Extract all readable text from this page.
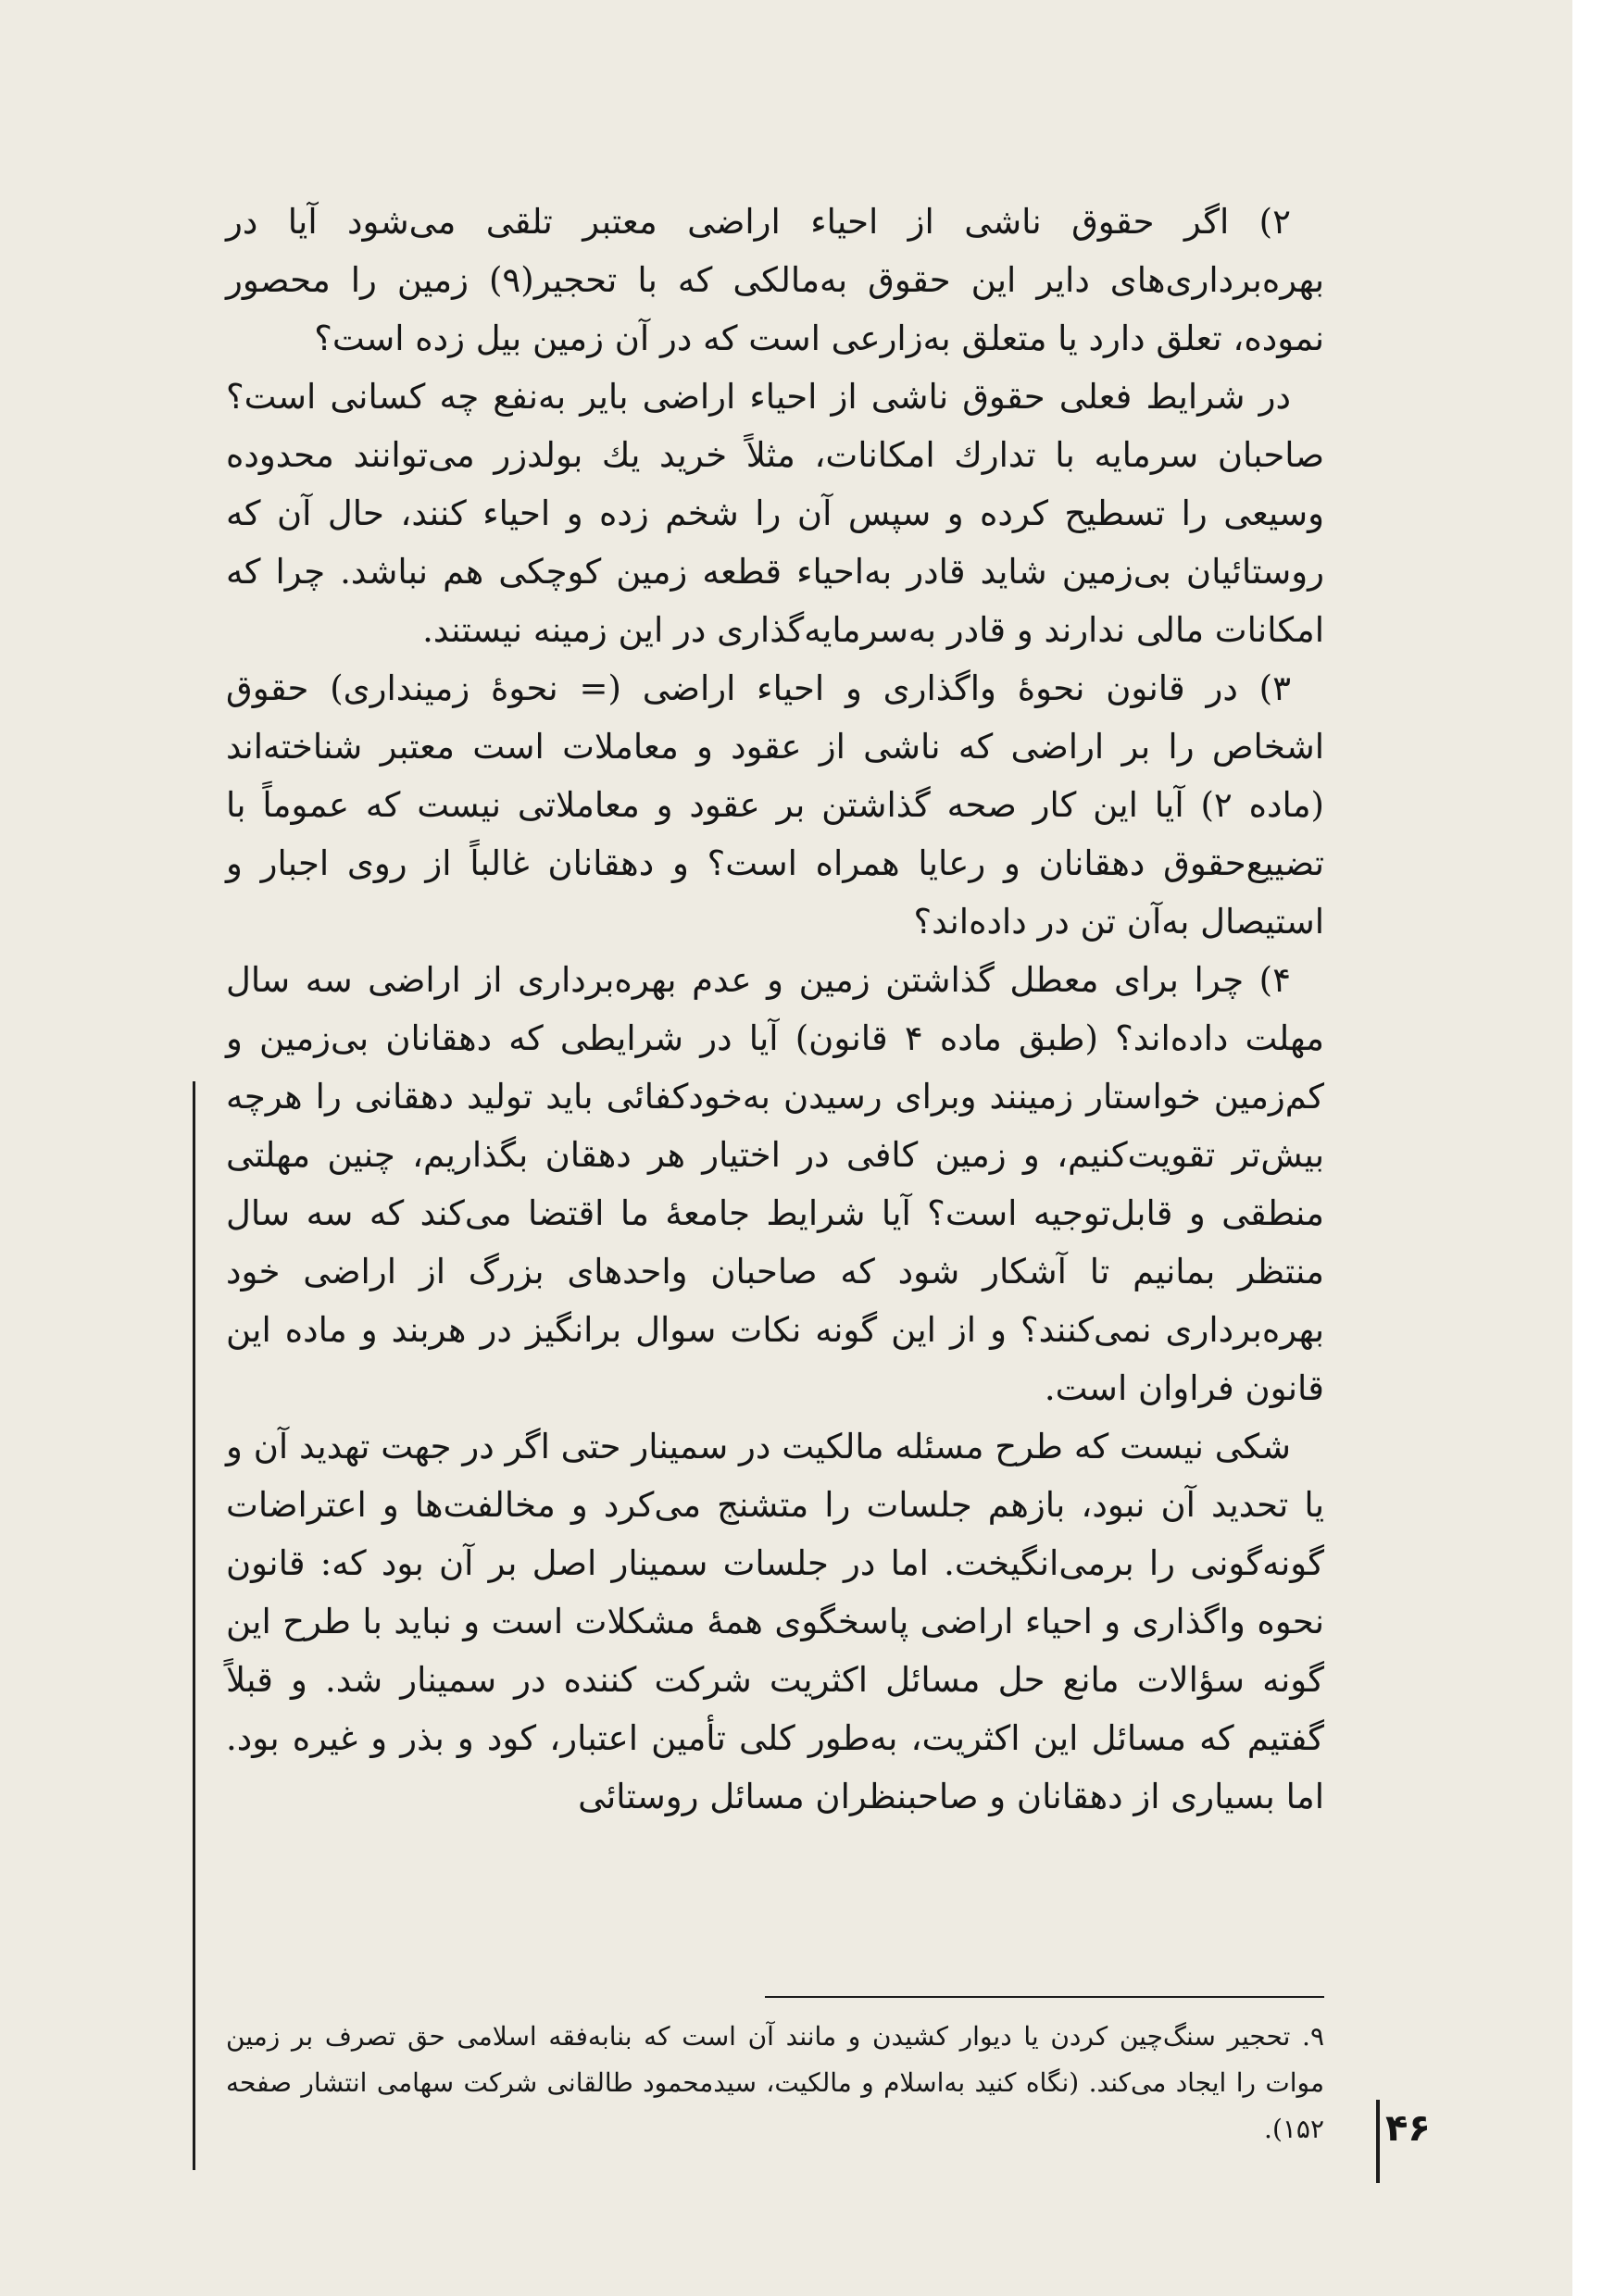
۲) اگر حقوق ناشی از احیاء اراضی معتبر تلقی می‌شود آیا در بهره‌برداری‌های دایر این حقوق به‌مالکی که با تحجیر(۹) زمین را محصور نموده، تعلق دارد یا متعلق به‌زارعی است که در آن زمین بیل زده است؟

در شرایط فعلی حقوق ناشی از احیاء اراضی بایر به‌نفع چه کسانی است؟ صاحبان سرمایه با تدارك امكانات، مثلاً خرید یك بولدزر می‌توانند محدوده وسیعی را تسطیح کرده و سپس آن را شخم زده و احیاء کنند، حال آن که روستائیان بی‌زمین شاید قادر به‌احیاء قطعه زمین کوچکی هم نباشد. چرا که امکانات مالی ندارند و قادر به‌سرمایه‌گذاری در این زمینه نیستند.

۳) در قانون نحوهٔ واگذاری و احیاء اراضی (= نحوهٔ زمینداری) حقوق اشخاص را بر اراضی که ناشی از عقود و معاملات است معتبر شناخته‌اند (ماده ۲) آیا این کار صحه گذاشتن بر عقود و معاملاتی نیست که عموماً با تضییع‌حقوق دهقانان و رعایا همراه است؟ و دهقانان غالباً از روی اجبار و استیصال به‌آن تن در داده‌اند؟

۴) چرا برای معطل گذاشتن زمین و عدم بهره‌برداری از اراضی سه سال مهلت داده‌اند؟ (طبق ماده ۴ قانون) آیا در شرایطی که دهقانان بی‌زمین و کم‌زمین خواستار زمینند وبرای رسیدن به‌خودکفائی باید تولید دهقانی را هرچه بیش‌تر تقویت‌کنیم، و زمین کافی در اختیار هر دهقان بگذاریم، چنین مهلتی منطقی و قابل‌توجیه است؟ آیا شرایط جامعهٔ ما اقتضا می‌کند که سه سال منتظر بمانیم تا آشکار شود که صاحبان واحدهای بزرگ از اراضی خود بهره‌برداری نمی‌کنند؟ و از این گونه نکات سوال برانگیز در هربند و ماده این قانون فراوان است.

شکی نیست که طرح مسئله مالکیت در سمینار حتی اگر در جهت تهدید آن و یا تحدید آن نبود، بازهم جلسات را متشنج می‌کرد و مخالفت‌ها و اعتراضات گونه‌گونی را برمی‌انگیخت. اما در جلسات سمینار اصل بر آن بود که: قانون نحوه واگذاری و احیاء اراضی پاسخگوی همهٔ مشکلات است و نباید با طرح این گونه سؤالات مانع حل مسائل اکثریت شرکت کننده در سمینار شد. و قبلاً گفتیم که مسائل این اکثریت، به‌طور کلی تأمین اعتبار، کود و بذر و غیره بود. اما بسیاری از دهقانان و صاحبنظران مسائل روستائی

۹. تحجیر سنگ‌چین کردن یا دیوار کشیدن و مانند آن است که بنابه‌فقه اسلامی حق تصرف بر زمین موات را ایجاد می‌کند. (نگاه کنید به‌اسلام و مالکیت، سیدمحمود طالقانی شرکت سهامی انتشار صفحه ۱۵۲). ۴۶
